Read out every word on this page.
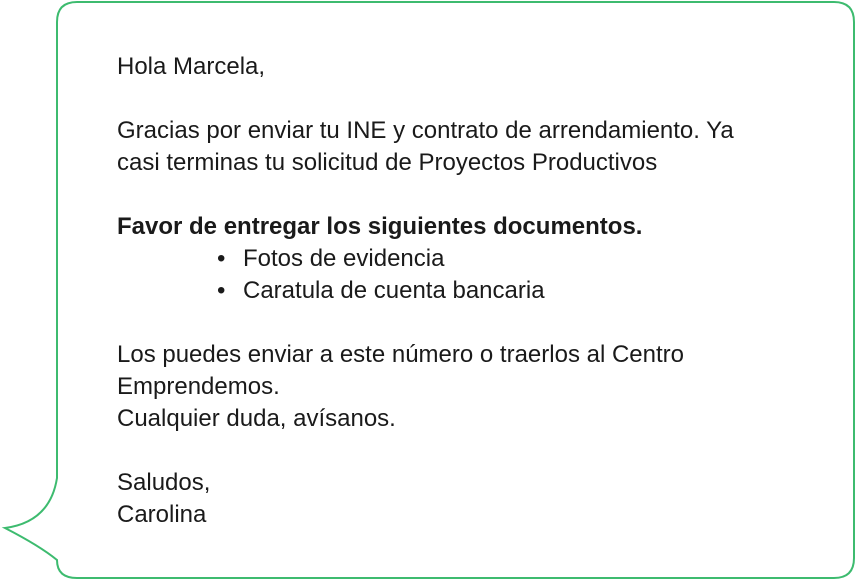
Hola Marcela,

Gracias por enviar tu INE y contrato de arrendamiento. Ya

casi terminas tu solicitud de Proyectos Productivos

Favor de entregar los siguientes documentos.

• Fotos de evidencia
• Caratula de cuenta bancaria

Los puedes enviar a este número o traerlos al Centro

Emprendemos.

Cualquier duda, avísanos.

Saludos,

Carolina
